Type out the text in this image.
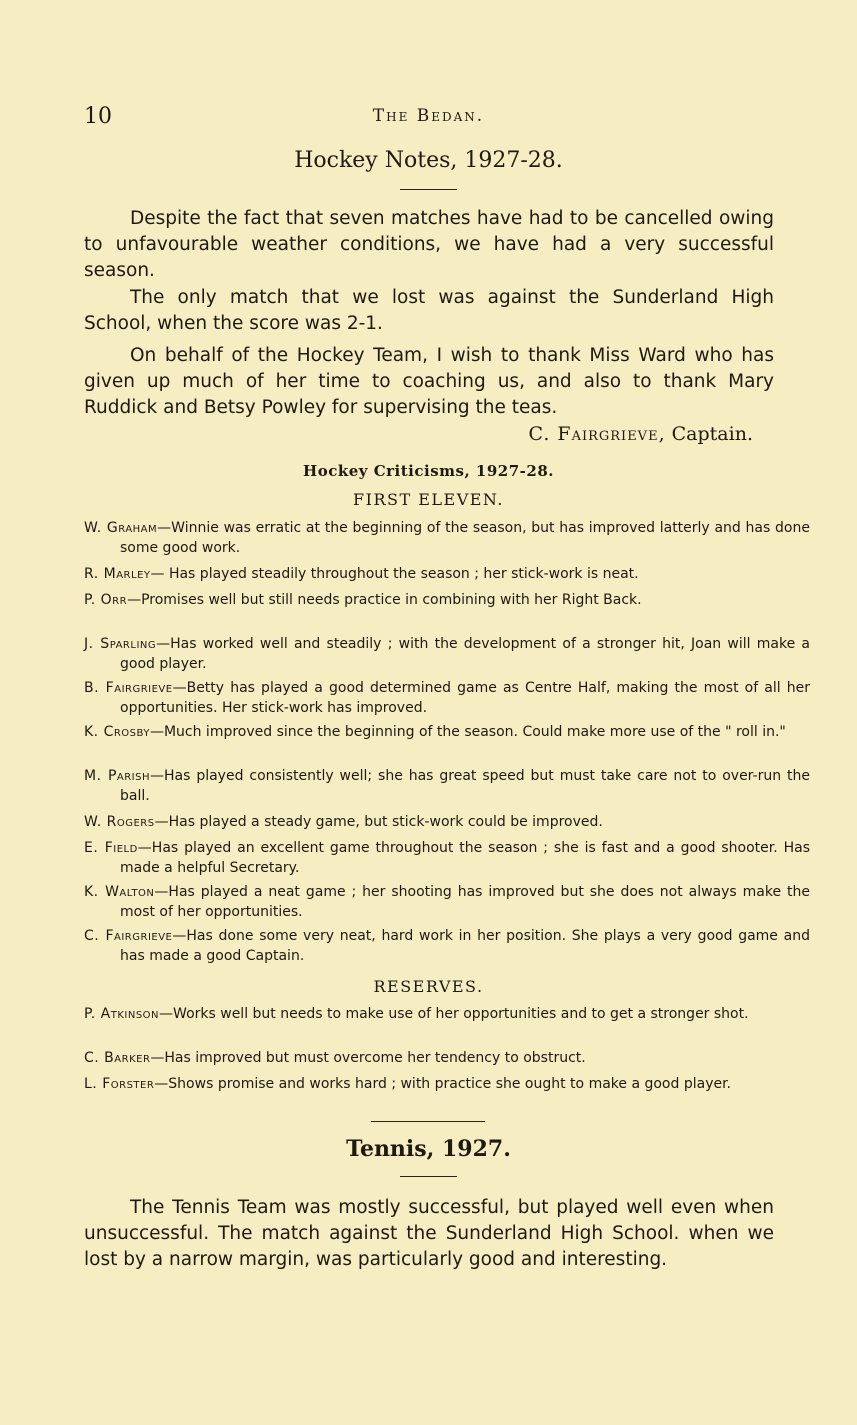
10	The Bedan.
Hockey Notes, 1927-28.

Despite the fact that seven matches have had to be cancelled owing to unfavourable weather conditions, we have had a very successful season.

The only match that we lost was against the Sunderland High School, when the score was 2-1.

On behalf of the Hockey Team, I wish to thank Miss Ward who has given up much of her time to coaching us, and also to thank Mary Ruddick and Betsy Powley for supervising the teas.

C. Fairgrieve, Captain.
Hockey Criticisms, 1927-28.
FIRST ELEVEN.
W. Graham—Winnie was erratic at the beginning of the season, but has improved latterly and has done some good work.
R. Marley— Has played steadily throughout the season ; her stick-work is neat.
P. Orr—Promises well but still needs practice in combining with her Right Back.
J. Sparling—Has worked well and steadily ; with the development of a stronger hit, Joan will make a good player.
B. Fairgrieve—Betty has played a good determined game as Centre Half, making the most of all her opportunities. Her stick-work has improved.
K. Crosby—Much improved since the beginning of the season. Could make more use of the " roll in."
M. Parish—Has played consistently well; she has great speed but must take care not to over-run the ball.
W. Rogers—Has played a steady game, but stick-work could be improved.
E. Field—Has played an excellent game throughout the season ; she is fast and a good shooter. Has made a helpful Secretary.
K. Walton—Has played a neat game ; her shooting has improved but she does not always make the most of her opportunities.
C. Fairgrieve—Has done some very neat, hard work in her position. She plays a very good game and has made a good Captain.
RESERVES.
P. Atkinson—Works well but needs to make use of her opportunities and to get a stronger shot.
C. Barker—Has improved but must overcome her tendency to obstruct.
L. Forster—Shows promise and works hard ; with practice she ought to make a good player.
Tennis, 1927.

The Tennis Team was mostly successful, but played well even when unsuccessful. The match against the Sunderland High School. when we lost by a narrow margin, was particularly good and interesting.
